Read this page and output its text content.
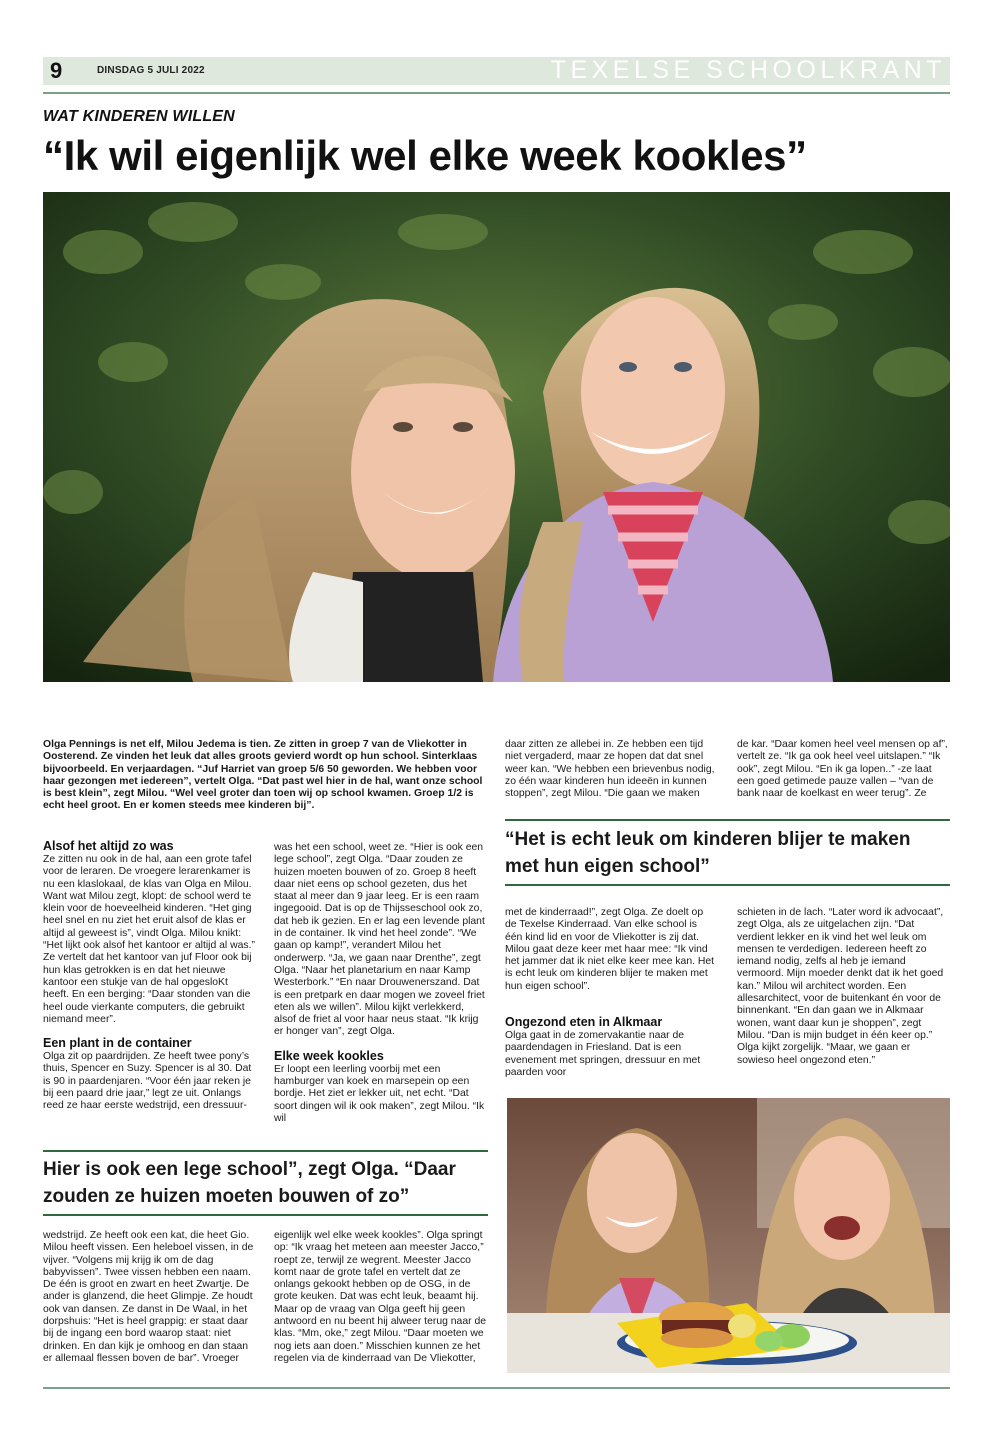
9	DINSDAG 5 JULI 2022	TEXELSE SCHOOLKRANT
WAT KINDEREN WILLEN
“Ik wil eigenlijk wel elke week kookles”
Olga Pennings is net elf, Milou Jedema is tien. Ze zitten in groep 7 van de Vliekotter in Oosterend. Ze vinden het leuk dat alles groots gevierd wordt op hun school. Sinterklaas bijvoorbeeld. En verjaardagen. “Juf Harriet van groep 5/6 50 geworden. We hebben voor haar gezongen met iedereen”, vertelt Olga. “Dat past wel hier in de hal, want onze school is best klein”, zegt Milou. “Wel veel groter dan toen wij op school kwamen. Groep 1/2 is echt heel groot. En er komen steeds mee kinderen bij”.
daar zitten ze allebei in. Ze hebben een tijd niet vergaderd, maar ze hopen dat dat snel weer kan. “We hebben een brievenbus nodig, zo één waar kinderen hun ideeën in kunnen stoppen”, zegt Milou. “Die gaan we maken
de kar. “Daar komen heel veel mensen op af”, vertelt ze. “Ik ga ook heel veel uitslapen.” “Ik ook”, zegt Milou. “En ik ga lopen..” -ze laat een goed getimede pauze vallen – “van de bank naar de koelkast en weer terug”. Ze

Alsof het altijd zo was

Ze zitten nu ook in de hal, aan een grote tafel voor de leraren. De vroegere lerarenkamer is nu een klaslokaal, de klas van Olga en Milou. Want wat Milou zegt, klopt: de school werd te klein voor de hoeveelheid kinderen. “Het ging heel snel en nu ziet het eruit alsof de klas er altijd al geweest is”, vindt Olga. Milou knikt: “Het lijkt ook alsof het kantoor er altijd al was.” Ze vertelt dat het kantoor van juf Floor ook bij hun klas getrokken is en dat het nieuwe kantoor een stukje van de hal opgesloKt heeft. En een berging: “Daar stonden van die heel oude vierkante computers, die gebruikt niemand meer”.

Een plant in de container

Olga zit op paardrijden. Ze heeft twee pony’s thuis, Spencer en Suzy. Spencer is al 30. Dat is 90 in paardenjaren. “Voor één jaar reken je bij een paard drie jaar,” legt ze uit. Onlangs reed ze haar eerste wedstrijd, een dressuur-

was het een school, weet ze. “Hier is ook een lege school”, zegt Olga. “Daar zouden ze huizen moeten bouwen of zo. Groep 8 heeft daar niet eens op school gezeten, dus het staat al meer dan 9 jaar leeg. Er is een raam ingegooid. Dat is op de Thijsseschool ook zo, dat heb ik gezien. En er lag een levende plant in de container. Ik vind het heel zonde”. “We gaan op kamp!”, verandert Milou het onderwerp. “Ja, we gaan naar Drenthe”, zegt Olga. “Naar het planetarium en naar Kamp Westerbork.” “En naar Drouwenerszand. Dat is een pretpark en daar mogen we zoveel friet eten als we willen”. Milou kijkt verlekkerd, alsof de friet al voor haar neus staat. “Ik krijg er honger van”, zegt Olga.

Elke week kookles

Er loopt een leerling voorbij met een hamburger van koek en marsepein op een bordje. Het ziet er lekker uit, net echt. “Dat soort dingen wil ik ook maken”, zegt Milou. “Ik wil

“Het is echt leuk om kinderen blijer te maken met hun eigen school”

met de kinderraad!”, zegt Olga. Ze doelt op de Texelse Kinderraad. Van elke school is één kind lid en voor de Vliekotter is zij dat. Milou gaat deze keer met haar mee: “Ik vind het jammer dat ik niet elke keer mee kan. Het is echt leuk om kinderen blijer te maken met hun eigen school”.

Ongezond eten in Alkmaar

Olga gaat in de zomervakantie naar de paardendagen in Friesland. Dat is een evenement met springen, dressuur en met paarden voor

schieten in de lach. “Later word ik advocaat”, zegt Olga, als ze uitgelachen zijn. “Dat verdient lekker en ik vind het wel leuk om mensen te verdedigen. Iedereen heeft zo iemand nodig, zelfs al heb je iemand vermoord. Mijn moeder denkt dat ik het goed kan.” Milou wil architect worden. Een allesarchitect, voor de buitenkant én voor de binnenkant. “En dan gaan we in Alkmaar wonen, want daar kun je shoppen”, zegt Milou. “Dan is mijn budget in één keer op.” Olga kijkt zorgelijk. “Maar, we gaan er sowieso heel ongezond eten.”
Hier is ook een lege school”, zegt Olga. “Daar zouden ze huizen moeten bouwen of zo”
wedstrijd. Ze heeft ook een kat, die heet Gio. Milou heeft vissen. Een heleboel vissen, in de vijver. “Volgens mij krijg ik om de dag babyvissen”. Twee vissen hebben een naam. De één is groot en zwart en heet Zwartje. De ander is glanzend, die heet Glimpje. Ze houdt ook van dansen. Ze danst in De Waal, in het dorpshuis: “Het is heel grappig: er staat daar bij de ingang een bord waarop staat: niet drinken. En dan kijk je omhoog en dan staan er allemaal flessen boven de bar”. Vroeger
eigenlijk wel elke week kookles”. Olga springt op: “Ik vraag het meteen aan meester Jacco,” roept ze, terwijl ze wegrent. Meester Jacco komt naar de grote tafel en vertelt dat ze onlangs gekookt hebben op de OSG, in de grote keuken. Dat was echt leuk, beaamt hij. Maar op de vraag van Olga geeft hij geen antwoord en nu beent hij alweer terug naar de klas. “Mm, oke,” zegt Milou. “Daar moeten we nog iets aan doen.” Misschien kunnen ze het regelen via de kinderraad van De Vliekotter,
